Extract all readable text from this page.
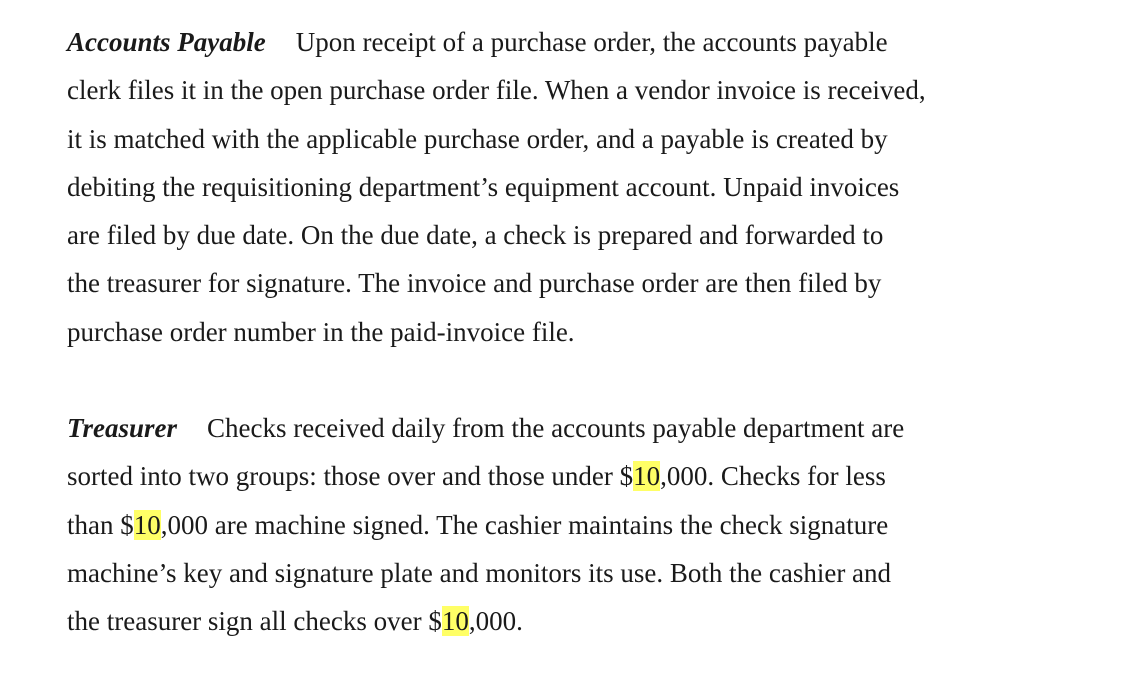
Accounts Payable Upon receipt of a purchase order, the accounts payable
clerk files it in the open purchase order file. When a vendor invoice is received,
it is matched with the applicable purchase order, and a payable is created by
debiting the requisitioning department’s equipment account. Unpaid invoices
are filed by due date. On the due date, a check is prepared and forwarded to
the treasurer for signature. The invoice and purchase order are then filed by
purchase order number in the paid-invoice file.

Treasurer Checks received daily from the accounts payable department are
sorted into two groups: those over and those under $10,000. Checks for less
than $10,000 are machine signed. The cashier maintains the check signature
machine’s key and signature plate and monitors its use. Both the cashier and
the treasurer sign all checks over $10,000.
